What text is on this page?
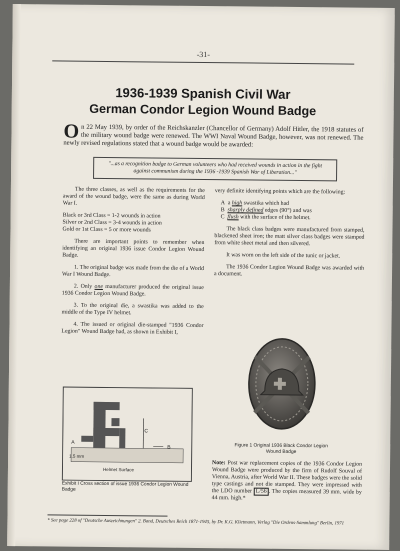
-31-
1936-1939 Spanish Civil War
German Condor Legion Wound Badge
On 22 May 1939, by order of the Reichskanzler (Chancellor of Germany) Adolf Hitler, the 1918 statutes of the military wound badge were renewed. The WWI Naval Wound Badge, however, was not renewed. The newly revised regulations stated that a wound badge would be awarded:
"...as a recognition badge to German volunteers who had received wounds in action in the fight against communism during the 1936 -1939 Spanish War of Liberation..."

The three classes, as well as the requirements for the award of the wound badge, were the same as during World War I.

Black or 3rd Class = 1-2 wounds in action
Silver or 2nd Class = 3-4 wounds in action
Gold or 1st Class = 5 or more wounds

There are important points to remember when identifying an original 1936 issue Condor Legion Wound Badge.

1. The original badge was made from the die of a World War I Wound Badge.

2. Only one manufacturer produced the original issue 1936 Condor Legion Wound Badge.

3. To the original die, a swastika was added to the middle of the Type IV helmet.

4. The issued or original die-stamped "1936 Condor Legion" Wound Badge had, as shown in Exhibit I,

very definite identifying points which are the following:

A a high swastika which had
B sharply defined edges (90°) and was
C flush with the surface of the helmet.

The black class badges were manufactured from stamped, blackened sheet iron; the matt silver class badges were stamped from white sheet metal and then silvered.

It was worn on the left side of the tunic or jacket.

The 1936 Condor Legion Wound Badge was awarded with a document.

Figure 1 Original 1936 Black Condor Legion Wound Badge
Note: Post war replacement copies of the 1936 Condor Legion Wound Badge were produced by the firm of Rudolf Souval of Vienna, Austria, after World War II. These badges were the solid type castings and not die stamped. They were impressed with the LDO number L/56 . The copies measured 39 mm. wide by 44 mm. high.*
C
B
A
1.5 mm
Helmet Surface
Exhibit I Cross section of issue 1936 Condor Legion Wound Badge
* See page 228 of "Deutsche Auszeichnungen" 2. Band, Deutsches Reich 1871-1945, by Dr. K.G. Klietmann, Verlag "Die Ordens-Sammlung" Berlin, 1971
